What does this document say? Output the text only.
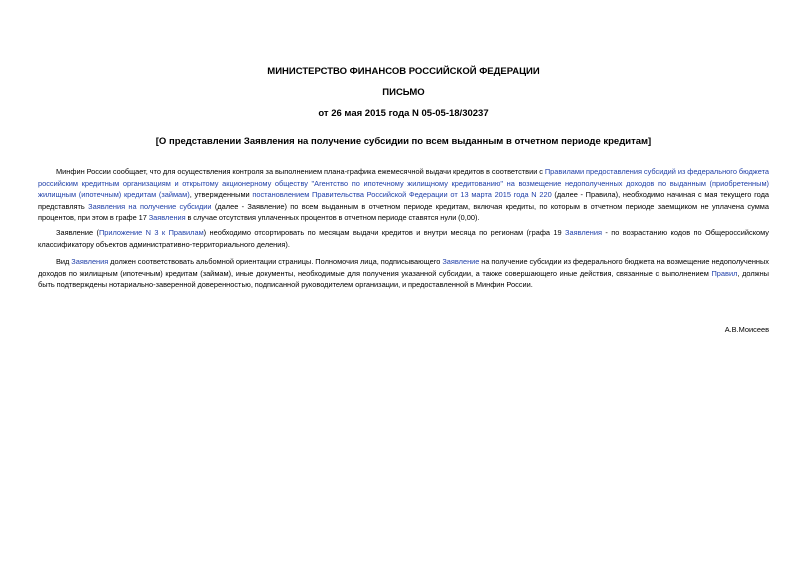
МИНИСТЕРСТВО ФИНАНСОВ РОССИЙСКОЙ ФЕДЕРАЦИИ
ПИСЬМО
от 26 мая 2015 года N 05-05-18/30237
[О представлении Заявления на получение субсидии по всем выданным в отчетном периоде кредитам]
Минфин России сообщает, что для осуществления контроля за выполнением плана-графика ежемесячной выдачи кредитов в соответствии с Правилами предоставления субсидий из федерального бюджета российским кредитным организациям и открытому акционерному обществу "Агентство по ипотечному жилищному кредитованию" на возмещение недополученных доходов по выданным (приобретенным) жилищным (ипотечным) кредитам (займам), утвержденными постановлением Правительства Российской Федерации от 13 марта 2015 года N 220 (далее - Правила), необходимо начиная с мая текущего года представлять Заявления на получение субсидии (далее - Заявление) по всем выданным в отчетном периоде кредитам, включая кредиты, по которым в отчетном периоде заемщиком не уплачена сумма процентов, при этом в графе 17 Заявления в случае отсутствия уплаченных процентов в отчетном периоде ставятся нули (0,00).
Заявление (Приложение N 3 к Правилам) необходимо отсортировать по месяцам выдачи кредитов и внутри месяца по регионам (графа 19 Заявления - по возрастанию кодов по Общероссийскому классификатору объектов административно-территориального деления).
Вид Заявления должен соответствовать альбомной ориентации страницы. Полномочия лица, подписывающего Заявление на получение субсидии из федерального бюджета на возмещение недополученных доходов по жилищным (ипотечным) кредитам (займам), иные документы, необходимые для получения указанной субсидии, а также совершающего иные действия, связанные с выполнением Правил, должны быть подтверждены нотариально-заверенной доверенностью, подписанной руководителем организации, и предоставленной в Минфин России.
А.В.Моисеев
